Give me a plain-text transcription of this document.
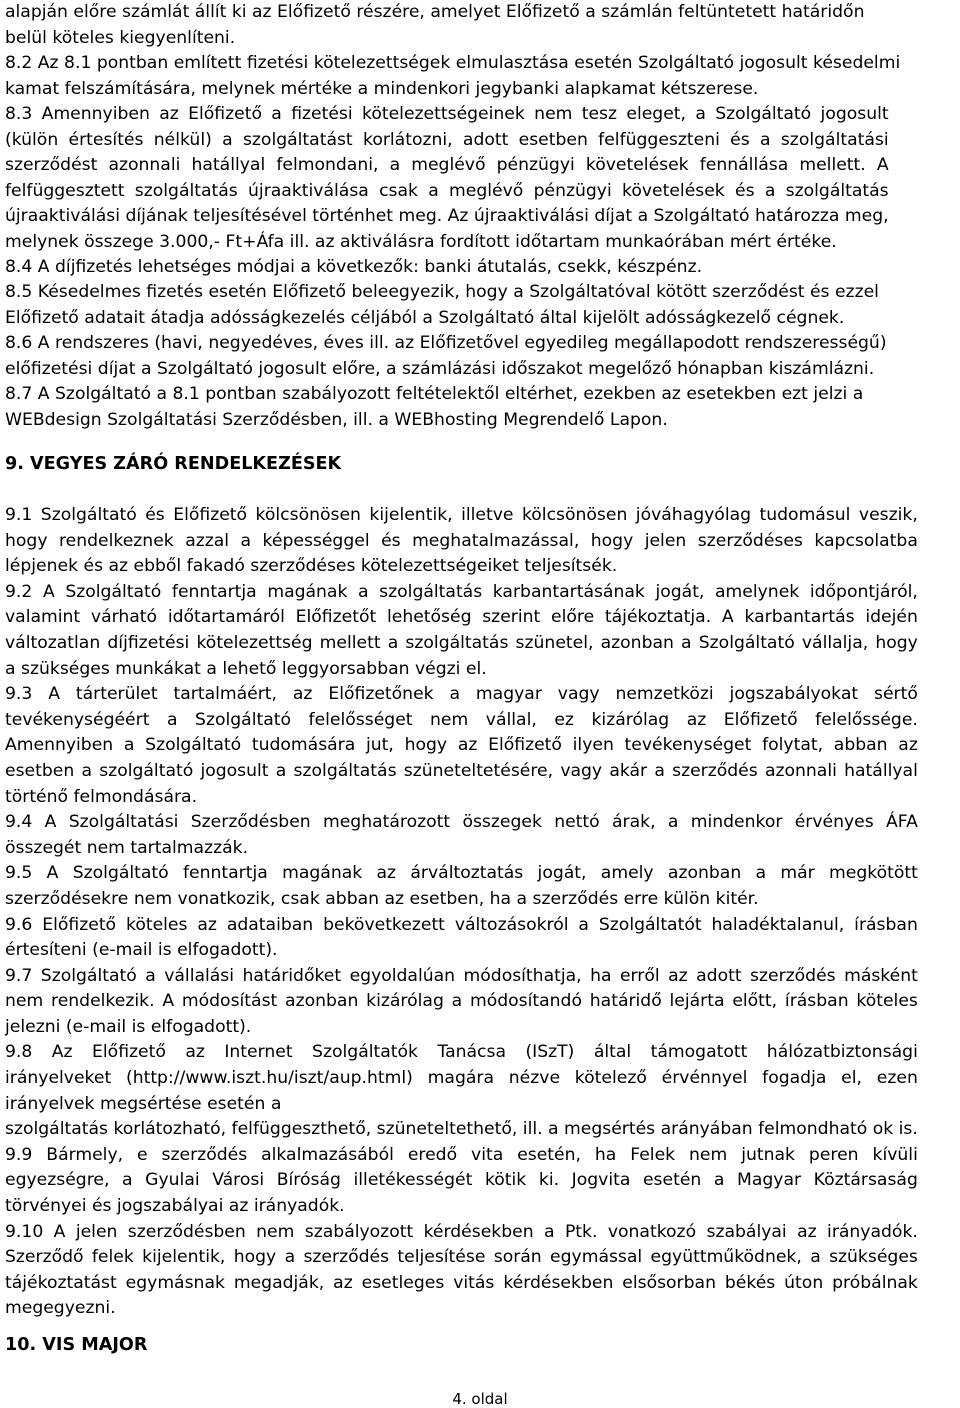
alapján előre számlát állít ki az Előfizető részére, amelyet Előfizető a számlán feltüntetett határidőn
belül köteles kiegyenlíteni.
8.2 Az 8.1 pontban említett fizetési kötelezettségek elmulasztása esetén Szolgáltató jogosult késedelmi
kamat felszámítására, melynek mértéke a mindenkori jegybanki alapkamat kétszerese.
8.3 Amennyiben az Előfizető a fizetési kötelezettségeinek nem tesz eleget, a Szolgáltató jogosult
(külön értesítés nélkül) a szolgáltatást korlátozni, adott esetben felfüggeszteni és a szolgáltatási
szerződést azonnali hatállyal felmondani, a meglévő pénzügyi követelések fennállása mellett. A
felfüggesztett szolgáltatás újraaktiválása csak a meglévő pénzügyi követelések és a szolgáltatás
újraaktiválási díjának teljesítésével történhet meg. Az újraaktiválási díjat a Szolgáltató határozza meg,
melynek összege 3.000,- Ft+Áfa ill. az aktiválásra fordított időtartam munkaórában mért értéke.
8.4 A díjfizetés lehetséges módjai a következők: banki átutalás, csekk, készpénz.
8.5 Késedelmes fizetés esetén Előfizető beleegyezik, hogy a Szolgáltatóval kötött szerződést és ezzel
Előfizető adatait átadja adósságkezelés céljából a Szolgáltató által kijelölt adósságkezelő cégnek.
8.6 A rendszeres (havi, negyedéves, éves ill. az Előfizetővel egyedileg megállapodott rendszerességű)
előfizetési díjat a Szolgáltató jogosult előre, a számlázási időszakot megelőző hónapban kiszámlázni.
8.7 A Szolgáltató a 8.1 pontban szabályozott feltételektől eltérhet, ezekben az esetekben ezt jelzi a
WEBdesign Szolgáltatási Szerződésben, ill. a WEBhosting Megrendelő Lapon.
9. VEGYES ZÁRÓ RENDELKEZÉSEK
9.1 Szolgáltató és Előfizető kölcsönösen kijelentik, illetve kölcsönösen jóváhagyólag tudomásul veszik,
hogy rendelkeznek azzal a képességgel és meghatalmazással, hogy jelen szerződéses kapcsolatba
lépjenek és az ebből fakadó szerződéses kötelezettségeiket teljesítsék.
9.2 A Szolgáltató fenntartja magának a szolgáltatás karbantartásának jogát, amelynek időpontjáról,
valamint várható időtartamáról Előfizetőt lehetőség szerint előre tájékoztatja. A karbantartás idején
változatlan díjfizetési kötelezettség mellett a szolgáltatás szünetel, azonban a Szolgáltató vállalja, hogy
a szükséges munkákat a lehető leggyorsabban végzi el.
9.3 A tárterület tartalmáért, az Előfizetőnek a magyar vagy nemzetközi jogszabályokat sértő
tevékenységéért a Szolgáltató felelősséget nem vállal, ez kizárólag az Előfizető felelőssége.
Amennyiben a Szolgáltató tudomására jut, hogy az Előfizető ilyen tevékenységet folytat, abban az
esetben a szolgáltató jogosult a szolgáltatás szüneteltetésére, vagy akár a szerződés azonnali hatállyal
történő felmondására.
9.4 A Szolgáltatási Szerződésben meghatározott összegek nettó árak, a mindenkor érvényes ÁFA
összegét nem tartalmazzák.
9.5 A Szolgáltató fenntartja magának az árváltoztatás jogát, amely azonban a már megkötött
szerződésekre nem vonatkozik, csak abban az esetben, ha a szerződés erre külön kitér.
9.6 Előfizető köteles az adataiban bekövetkezett változásokról a Szolgáltatót haladéktalanul, írásban
értesíteni (e-mail is elfogadott).
9.7 Szolgáltató a vállalási határidőket egyoldalúan módosíthatja, ha erről az adott szerződés másként
nem rendelkezik. A módosítást azonban kizárólag a módosítandó határidő lejárta előtt, írásban köteles
jelezni (e-mail is elfogadott).
9.8 Az Előfizető az Internet Szolgáltatók Tanácsa (ISzT) által támogatott hálózatbiztonsági
irányelveket (http://www.iszt.hu/iszt/aup.html) magára nézve kötelező érvénnyel fogadja el, ezen
irányelvek megsértése esetén a
szolgáltatás korlátozható, felfüggeszthető, szüneteltethető, ill. a megsértés arányában felmondható ok is.
9.9 Bármely, e szerződés alkalmazásából eredő vita esetén, ha Felek nem jutnak peren kívüli
egyezségre, a Gyulai Városi Bíróság illetékességét kötik ki. Jogvita esetén a Magyar Köztársaság
törvényei és jogszabályai az irányadók.
9.10 A jelen szerződésben nem szabályozott kérdésekben a Ptk. vonatkozó szabályai az irányadók.
Szerződő felek kijelentik, hogy a szerződés teljesítése során egymással együttműködnek, a szükséges
tájékoztatást egymásnak megadják, az esetleges vitás kérdésekben elsősorban békés úton próbálnak
megegyezni.
10. VIS MAJOR
4. oldal
